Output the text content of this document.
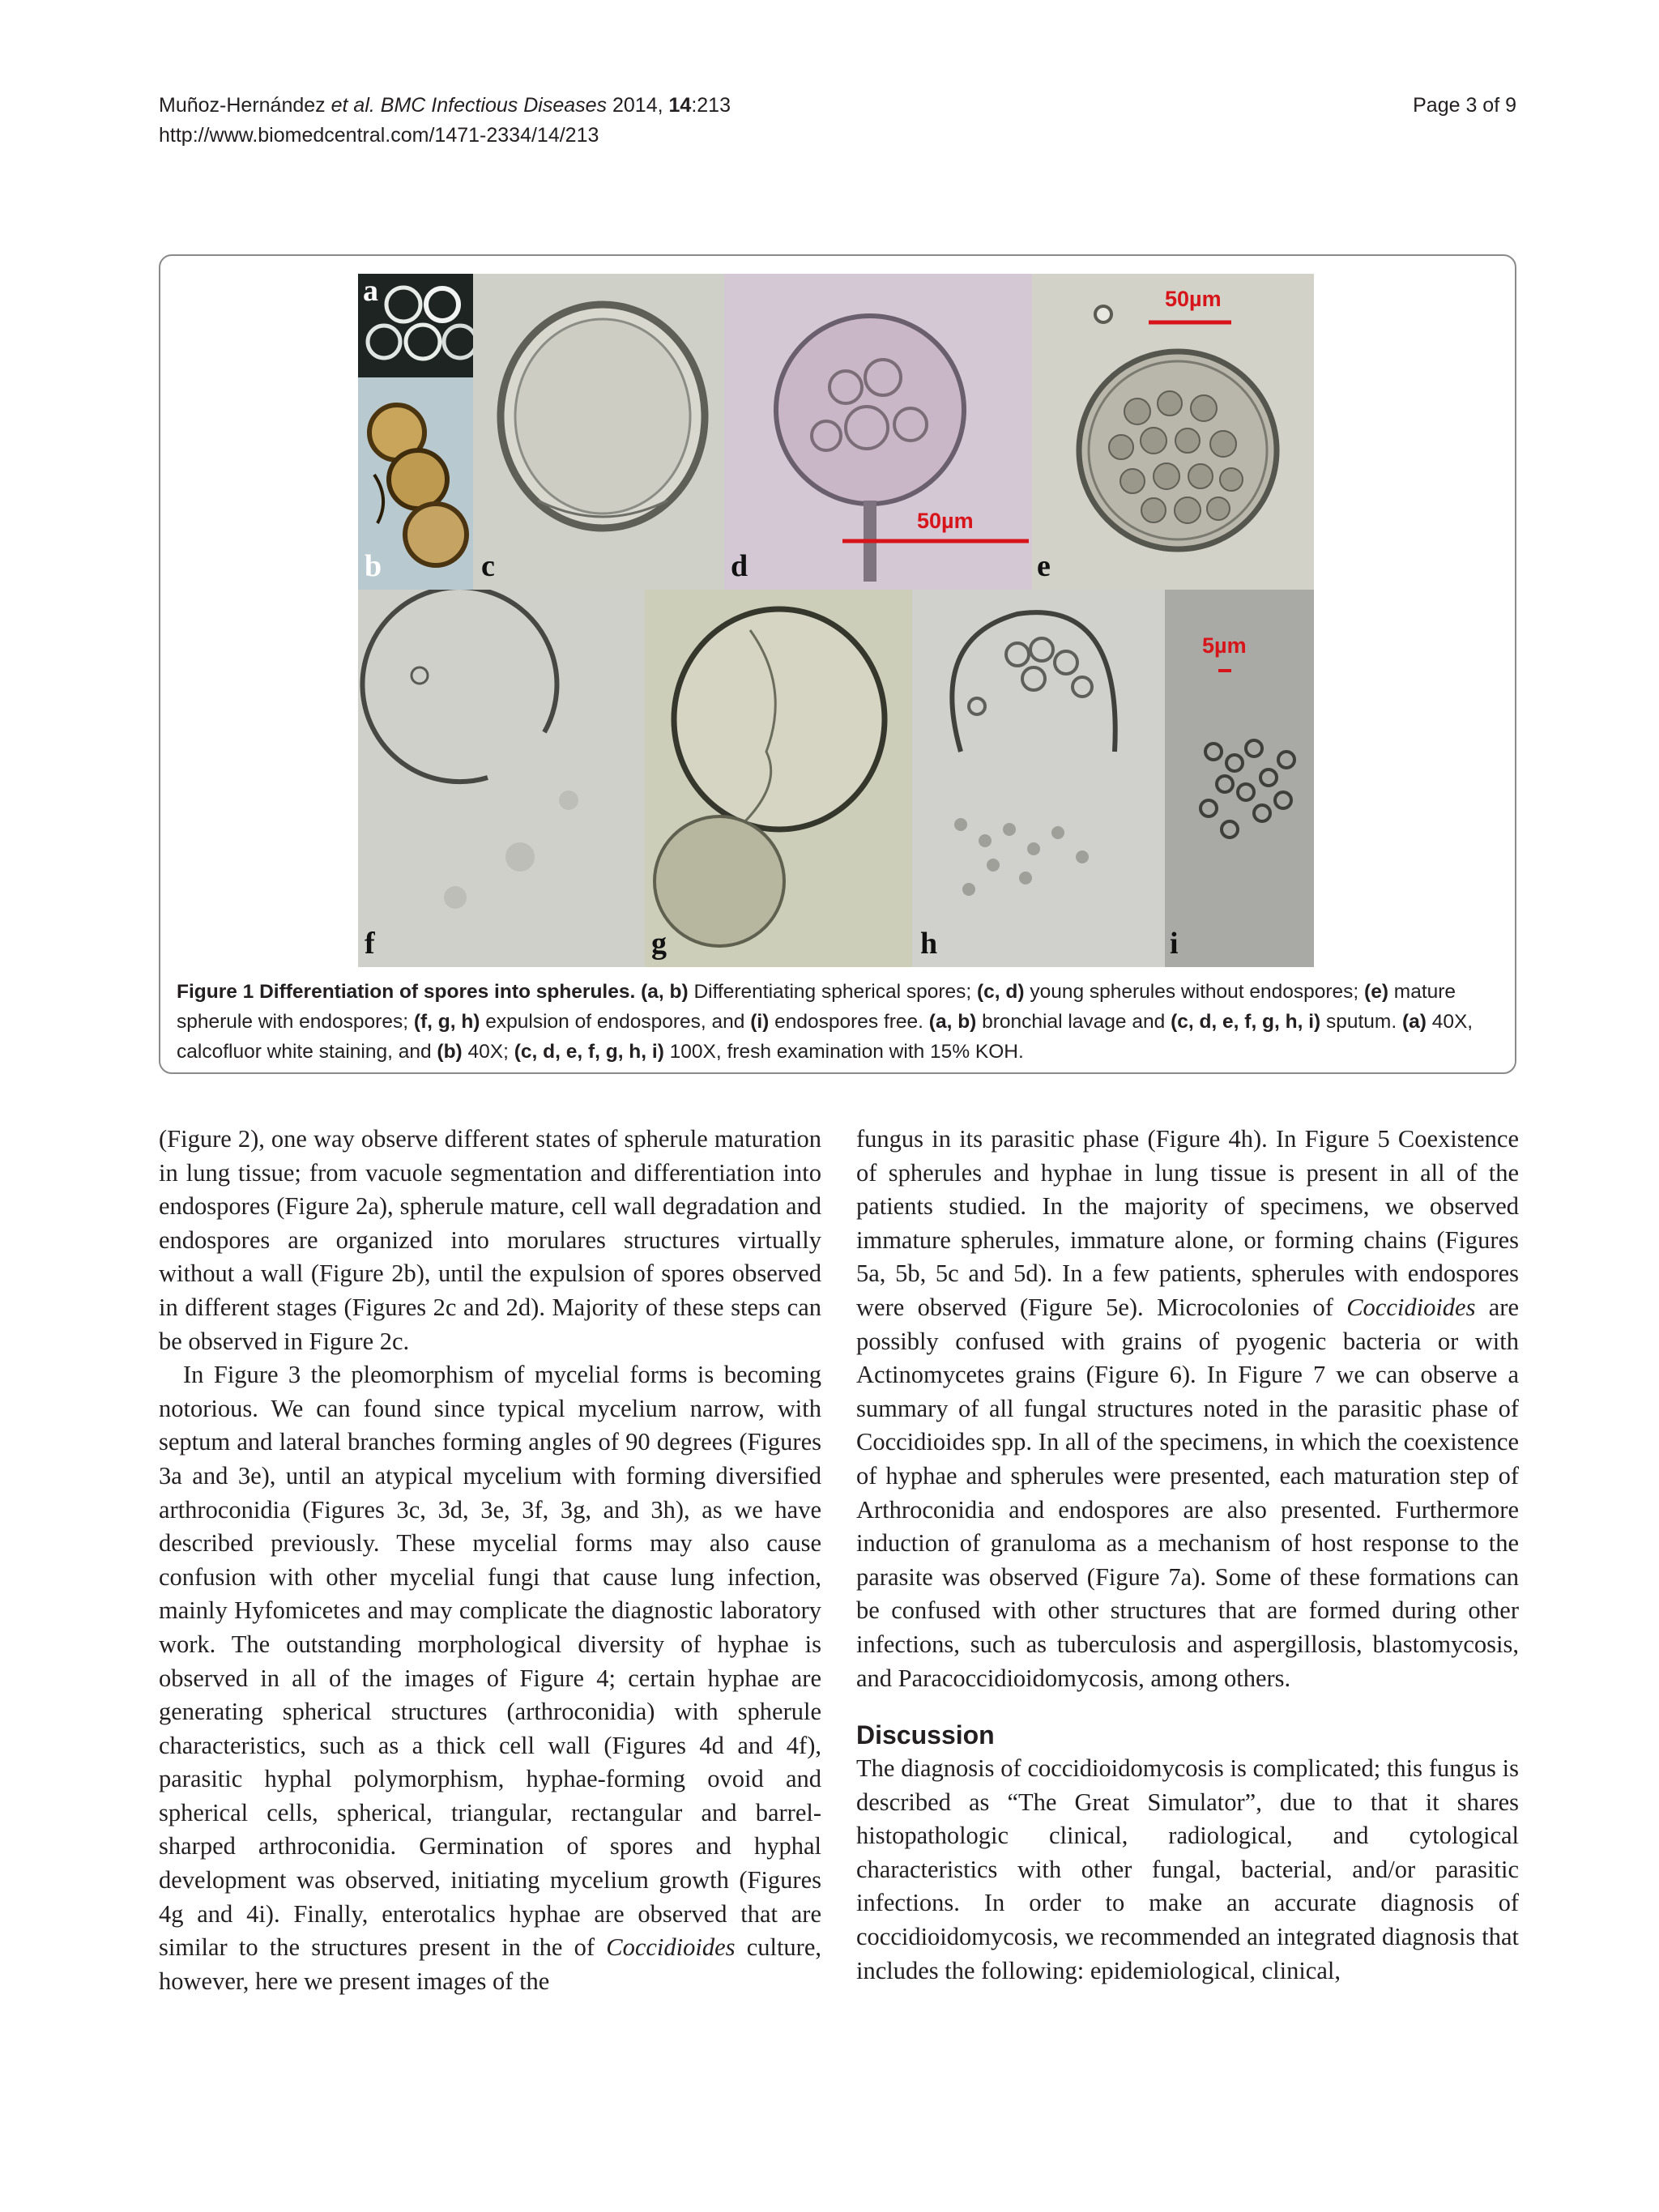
Muñoz-Hernández et al. BMC Infectious Diseases 2014, 14:213
http://www.biomedcentral.com/1471-2334/14/213
Page 3 of 9
a
b	c
50µm
d
50µm
e
f	g	h
5µm
i
Figure 1 Differentiation of spores into spherules. (a, b) Differentiating spherical spores; (c, d) young spherules without endospores; (e) mature spherule with endospores; (f, g, h) expulsion of endospores, and (i) endospores free. (a, b) bronchial lavage and (c, d, e, f, g, h, i) sputum. (a) 40X, calcofluor white staining, and (b) 40X; (c, d, e, f, g, h, i) 100X, fresh examination with 15% KOH.

(Figure 2), one way observe different states of spherule maturation in lung tissue; from vacuole segmentation and differentiation into endospores (Figure 2a), spherule mature, cell wall degradation and endospores are organized into morulares structures virtually without a wall (Figure 2b), until the expulsion of spores observed in different stages (Figures 2c and 2d). Majority of these steps can be observed in Figure 2c.

In Figure 3 the pleomorphism of mycelial forms is becoming notorious. We can found since typical mycelium narrow, with septum and lateral branches forming angles of 90 degrees (Figures 3a and 3e), until an atypical mycelium with forming diversified arthroconidia (Figures 3c, 3d, 3e, 3f, 3g, and 3h), as we have described previously. These mycelial forms may also cause confusion with other mycelial fungi that cause lung infection, mainly Hyfomicetes and may complicate the diagnostic laboratory work. The outstanding morphological diversity of hyphae is observed in all of the images of Figure 4; certain hyphae are generating spherical structures (arthroconidia) with spherule characteristics, such as a thick cell wall (Figures 4d and 4f), parasitic hyphal polymorphism, hyphae-forming ovoid and spherical cells, spherical, triangular, rectangular and barrel-sharped arthroconidia. Germination of spores and hyphal development was observed, initiating mycelium growth (Figures 4g and 4i). Finally, enterotalics hyphae are observed that are similar to the structures present in the of Coccidioides culture, however, here we present images of the

fungus in its parasitic phase (Figure 4h). In Figure 5 Coexistence of spherules and hyphae in lung tissue is present in all of the patients studied. In the majority of specimens, we observed immature spherules, immature alone, or forming chains (Figures 5a, 5b, 5c and 5d). In a few patients, spherules with endospores were observed (Figure 5e). Microcolonies of Coccidioides are possibly confused with grains of pyogenic bacteria or with Actinomycetes grains (Figure 6). In Figure 7 we can observe a summary of all fungal structures noted in the parasitic phase of Coccidioides spp. In all of the specimens, in which the coexistence of hyphae and spherules were presented, each maturation step of Arthroconidia and endospores are also presented. Furthermore induction of granuloma as a mechanism of host response to the parasite was observed (Figure 7a). Some of these formations can be confused with other structures that are formed during other infections, such as tuberculosis and aspergillosis, blastomycosis, and Paracoccidioidomycosis, among others.

Discussion

The diagnosis of coccidioidomycosis is complicated; this fungus is described as “The Great Simulator”, due to that it shares histopathologic clinical, radiological, and cytological characteristics with other fungal, bacterial, and/or parasitic infections. In order to make an accurate diagnosis of coccidioidomycosis, we recommended an integrated diagnosis that includes the following: epidemiological, clinical,
